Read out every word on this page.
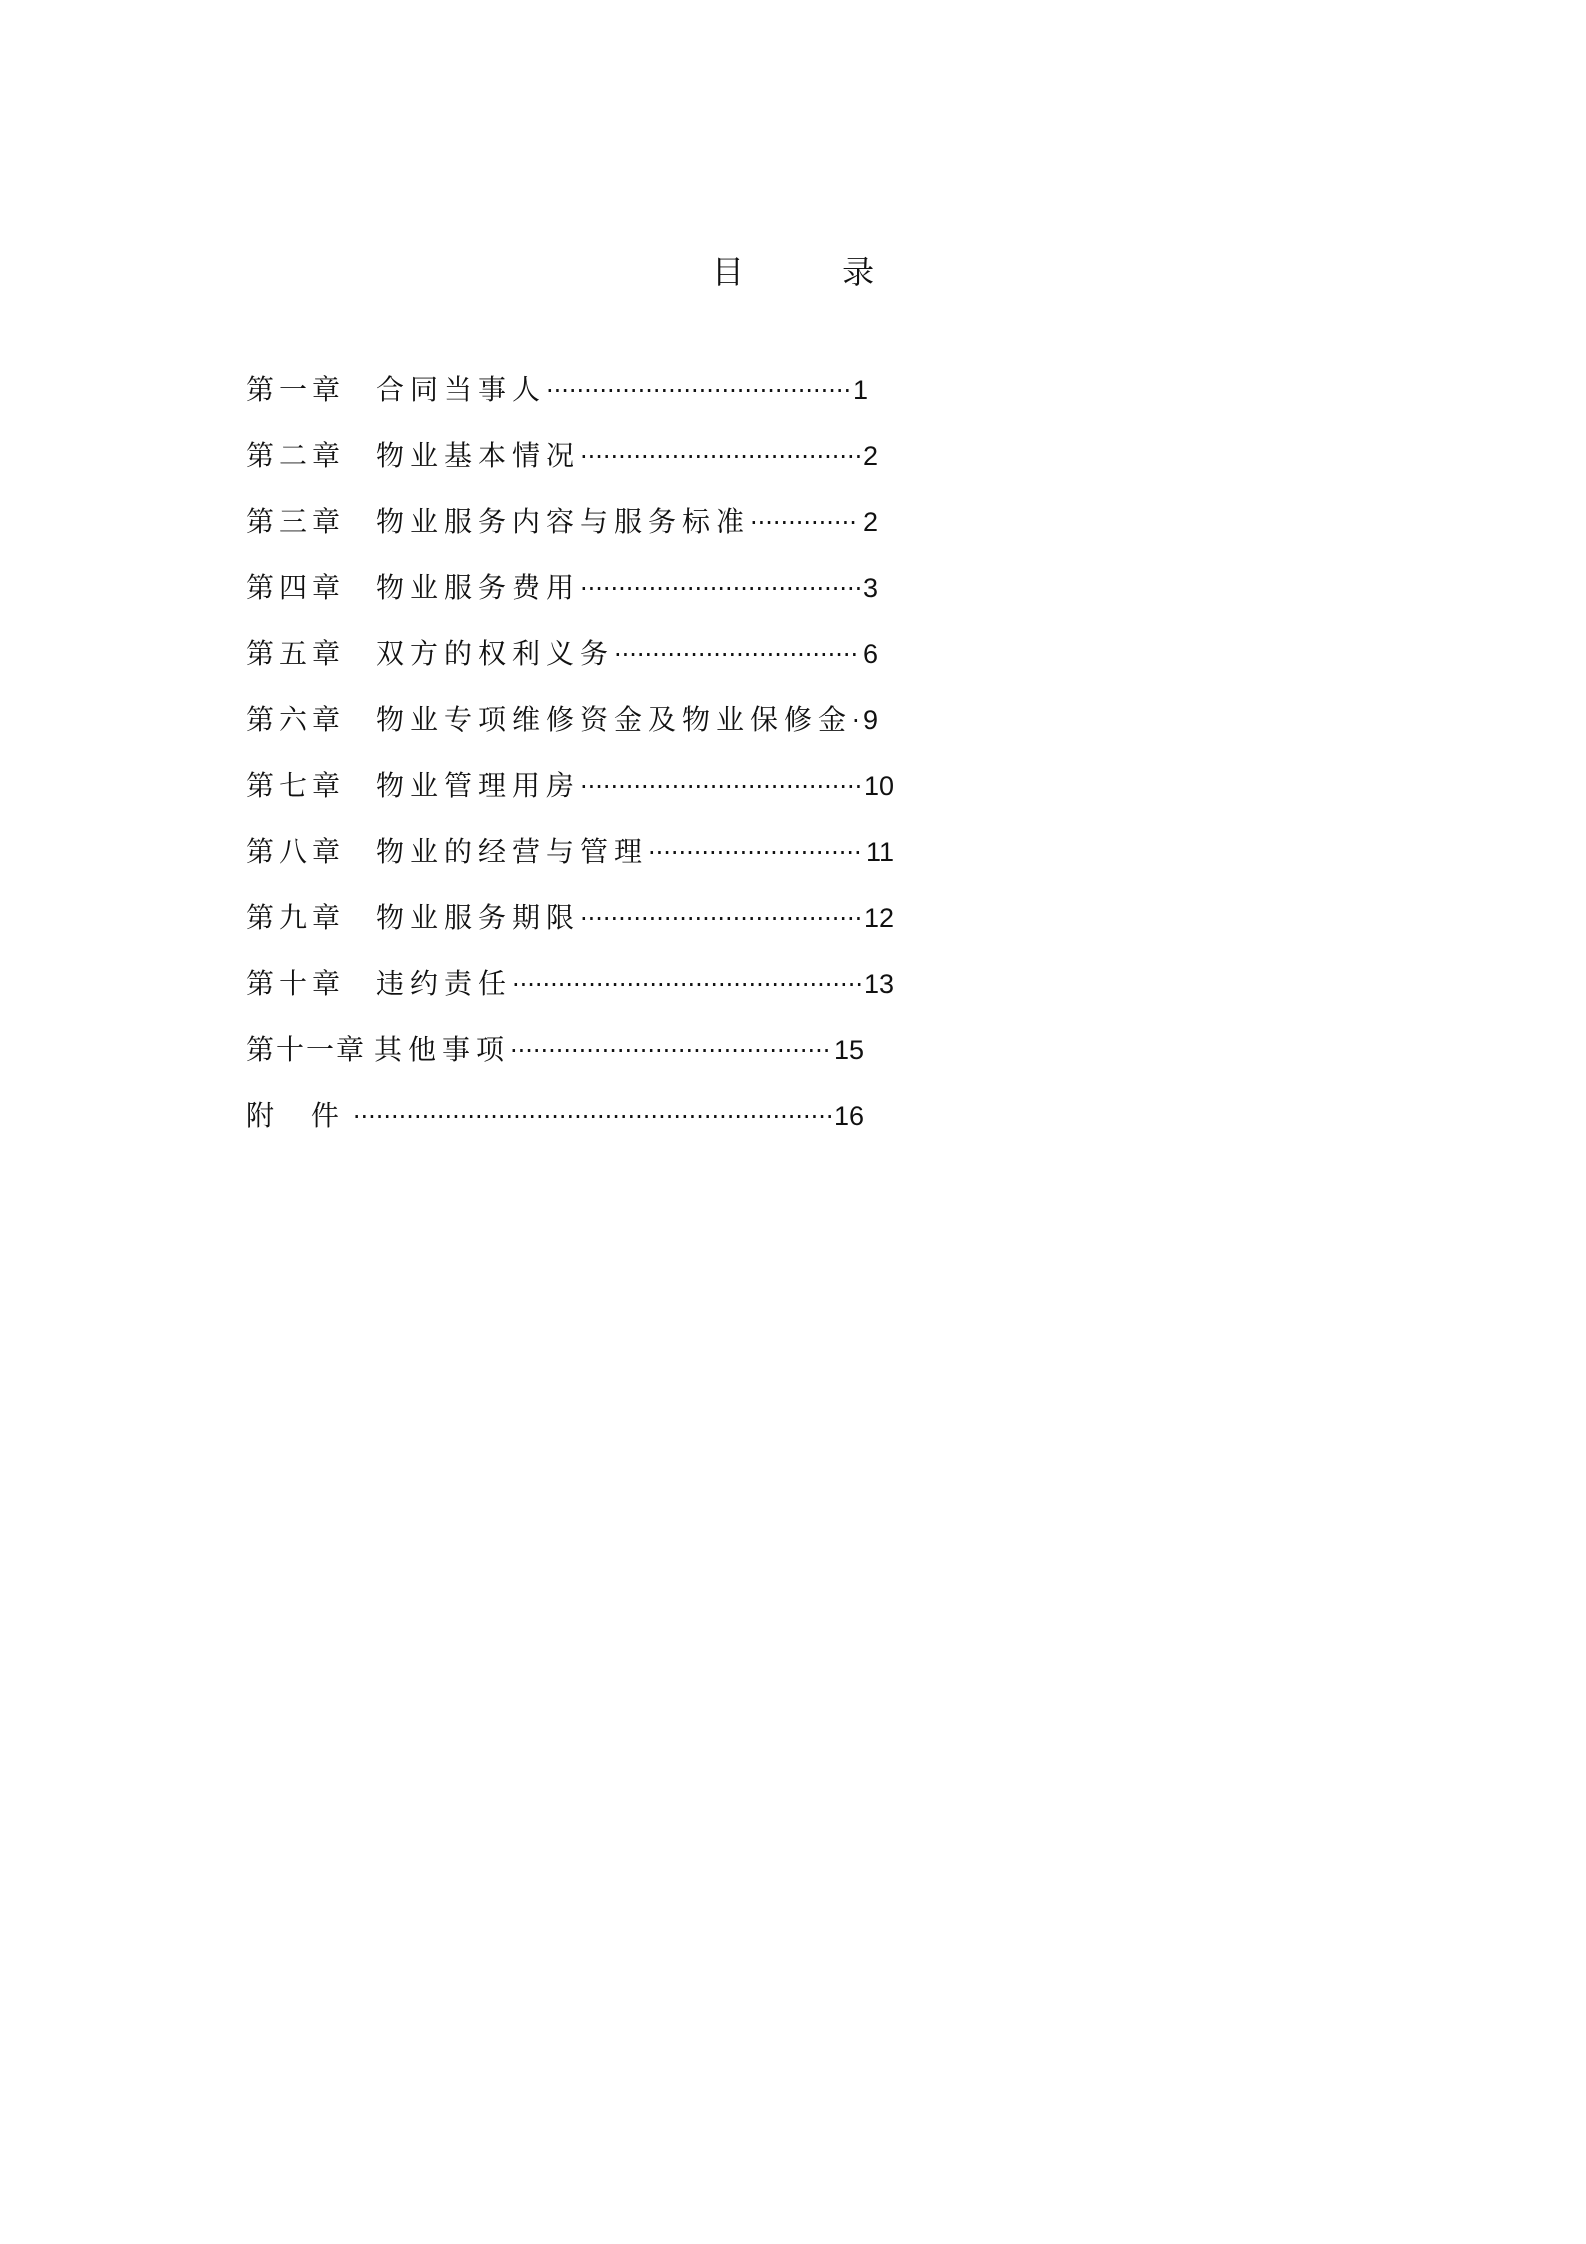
目 录
第一章	合同当事人 ········································ 1
第二章	物业基本情况 ····································· 2
第三章	物业服务内容与服务标准 ·············· 2
第四章	物业服务费用 ····································· 3
第五章	双方的权利义务 ································ 6
第六章	物业专项维修资金及物业保修金 · 9
第七章	物业管理用房 ····································· 10
第八章	物业的经营与管理 ···························· 11
第九章	物业服务期限 ····································· 12
第十章	违约责任 ·············································· 13
第十一章 其他事项 ·········································· 15
附 件 ······························································· 16
